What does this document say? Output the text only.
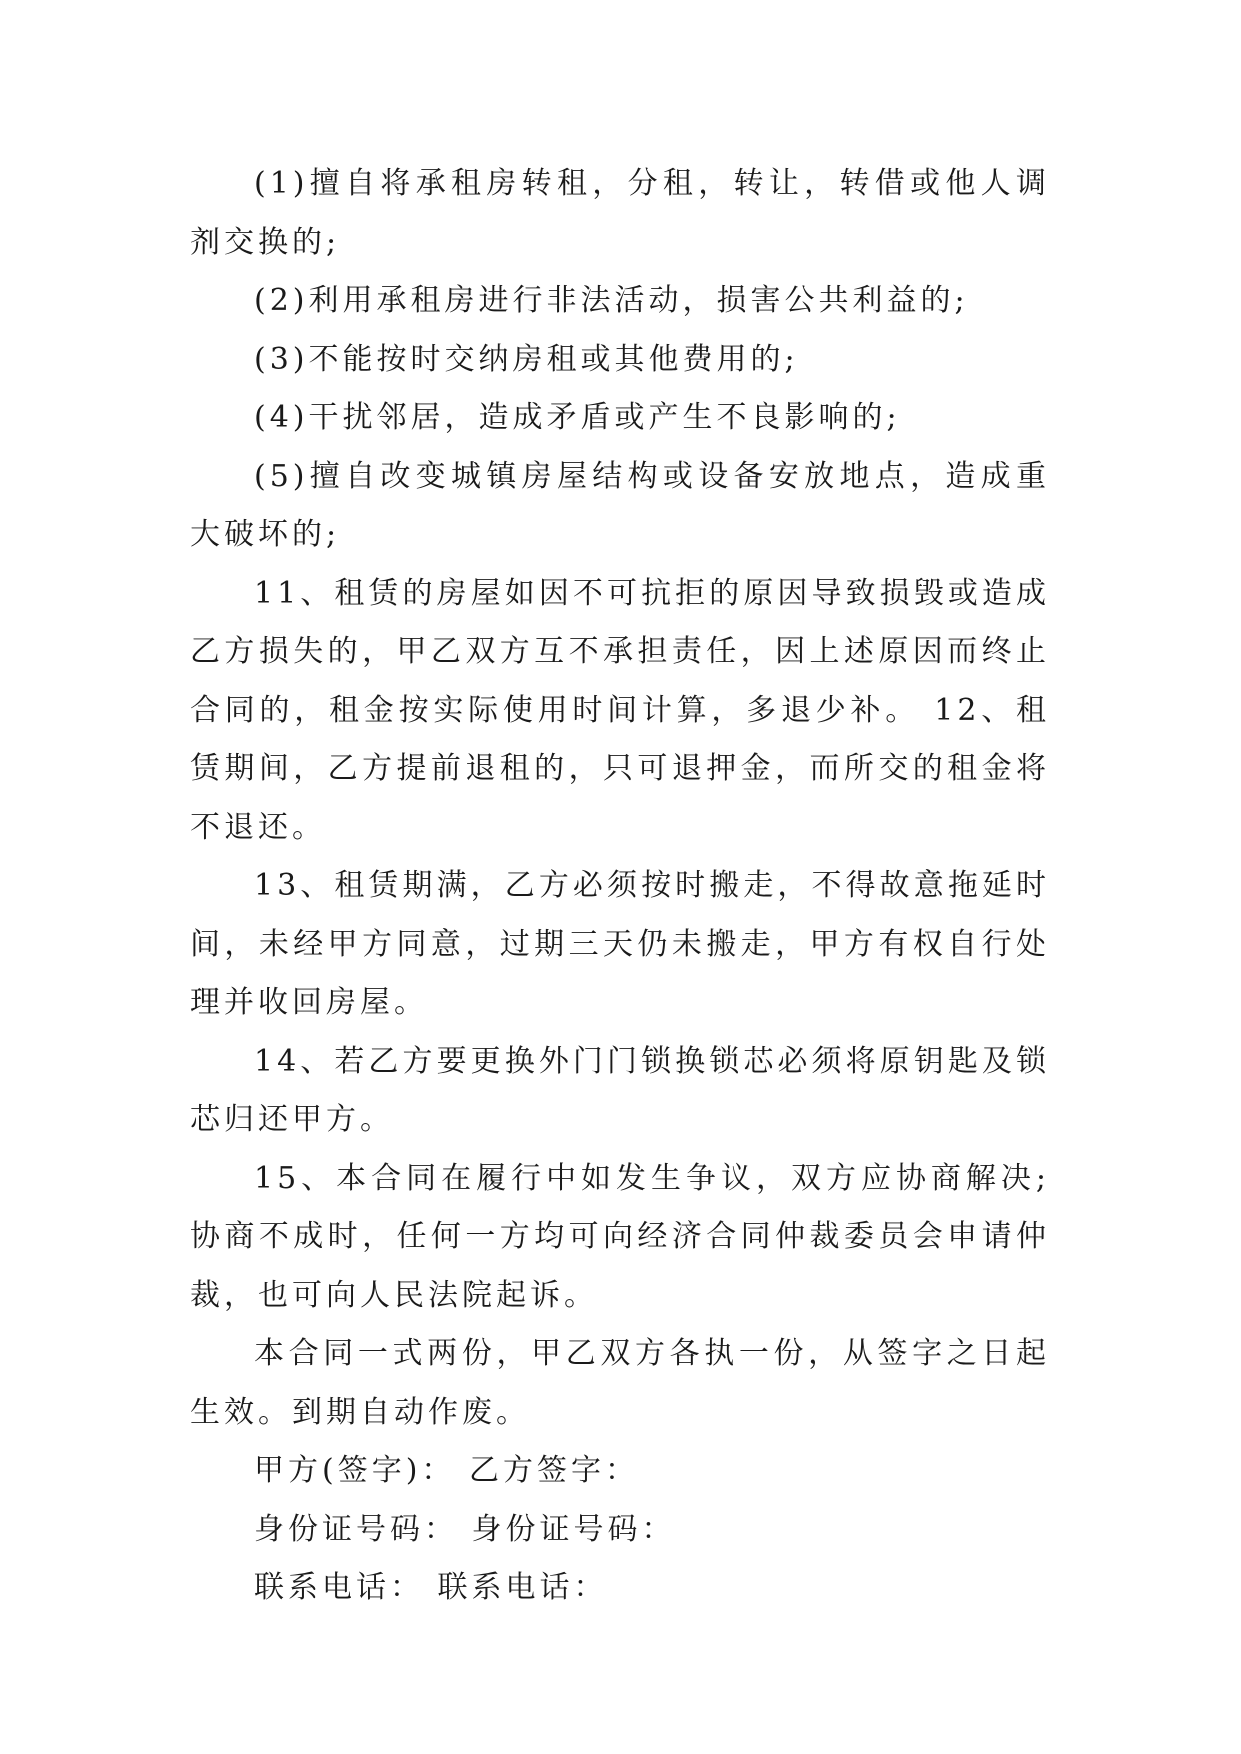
(1)擅自将承租房转租，分租，转让，转借或他人调剂交换的;

(2)利用承租房进行非法活动，损害公共利益的;

(3)不能按时交纳房租或其他费用的;

(4)干扰邻居，造成矛盾或产生不良影响的;

(5)擅自改变城镇房屋结构或设备安放地点，造成重大破坏的;

11、租赁的房屋如因不可抗拒的原因导致损毁或造成乙方损失的，甲乙双方互不承担责任，因上述原因而终止合同的，租金按实际使用时间计算，多退少补。 12、租赁期间，乙方提前退租的，只可退押金，而所交的租金将不退还。

13、租赁期满，乙方必须按时搬走，不得故意拖延时间，未经甲方同意，过期三天仍未搬走，甲方有权自行处理并收回房屋。

14、若乙方要更换外门门锁换锁芯必须将原钥匙及锁芯归还甲方。

15、本合同在履行中如发生争议，双方应协商解决;协商不成时，任何一方均可向经济合同仲裁委员会申请仲裁，也可向人民法院起诉。

本合同一式两份，甲乙双方各执一份，从签字之日起生效。到期自动作废。

甲方(签字)： 乙方签字：

身份证号码： 身份证号码：

联系电话： 联系电话：
